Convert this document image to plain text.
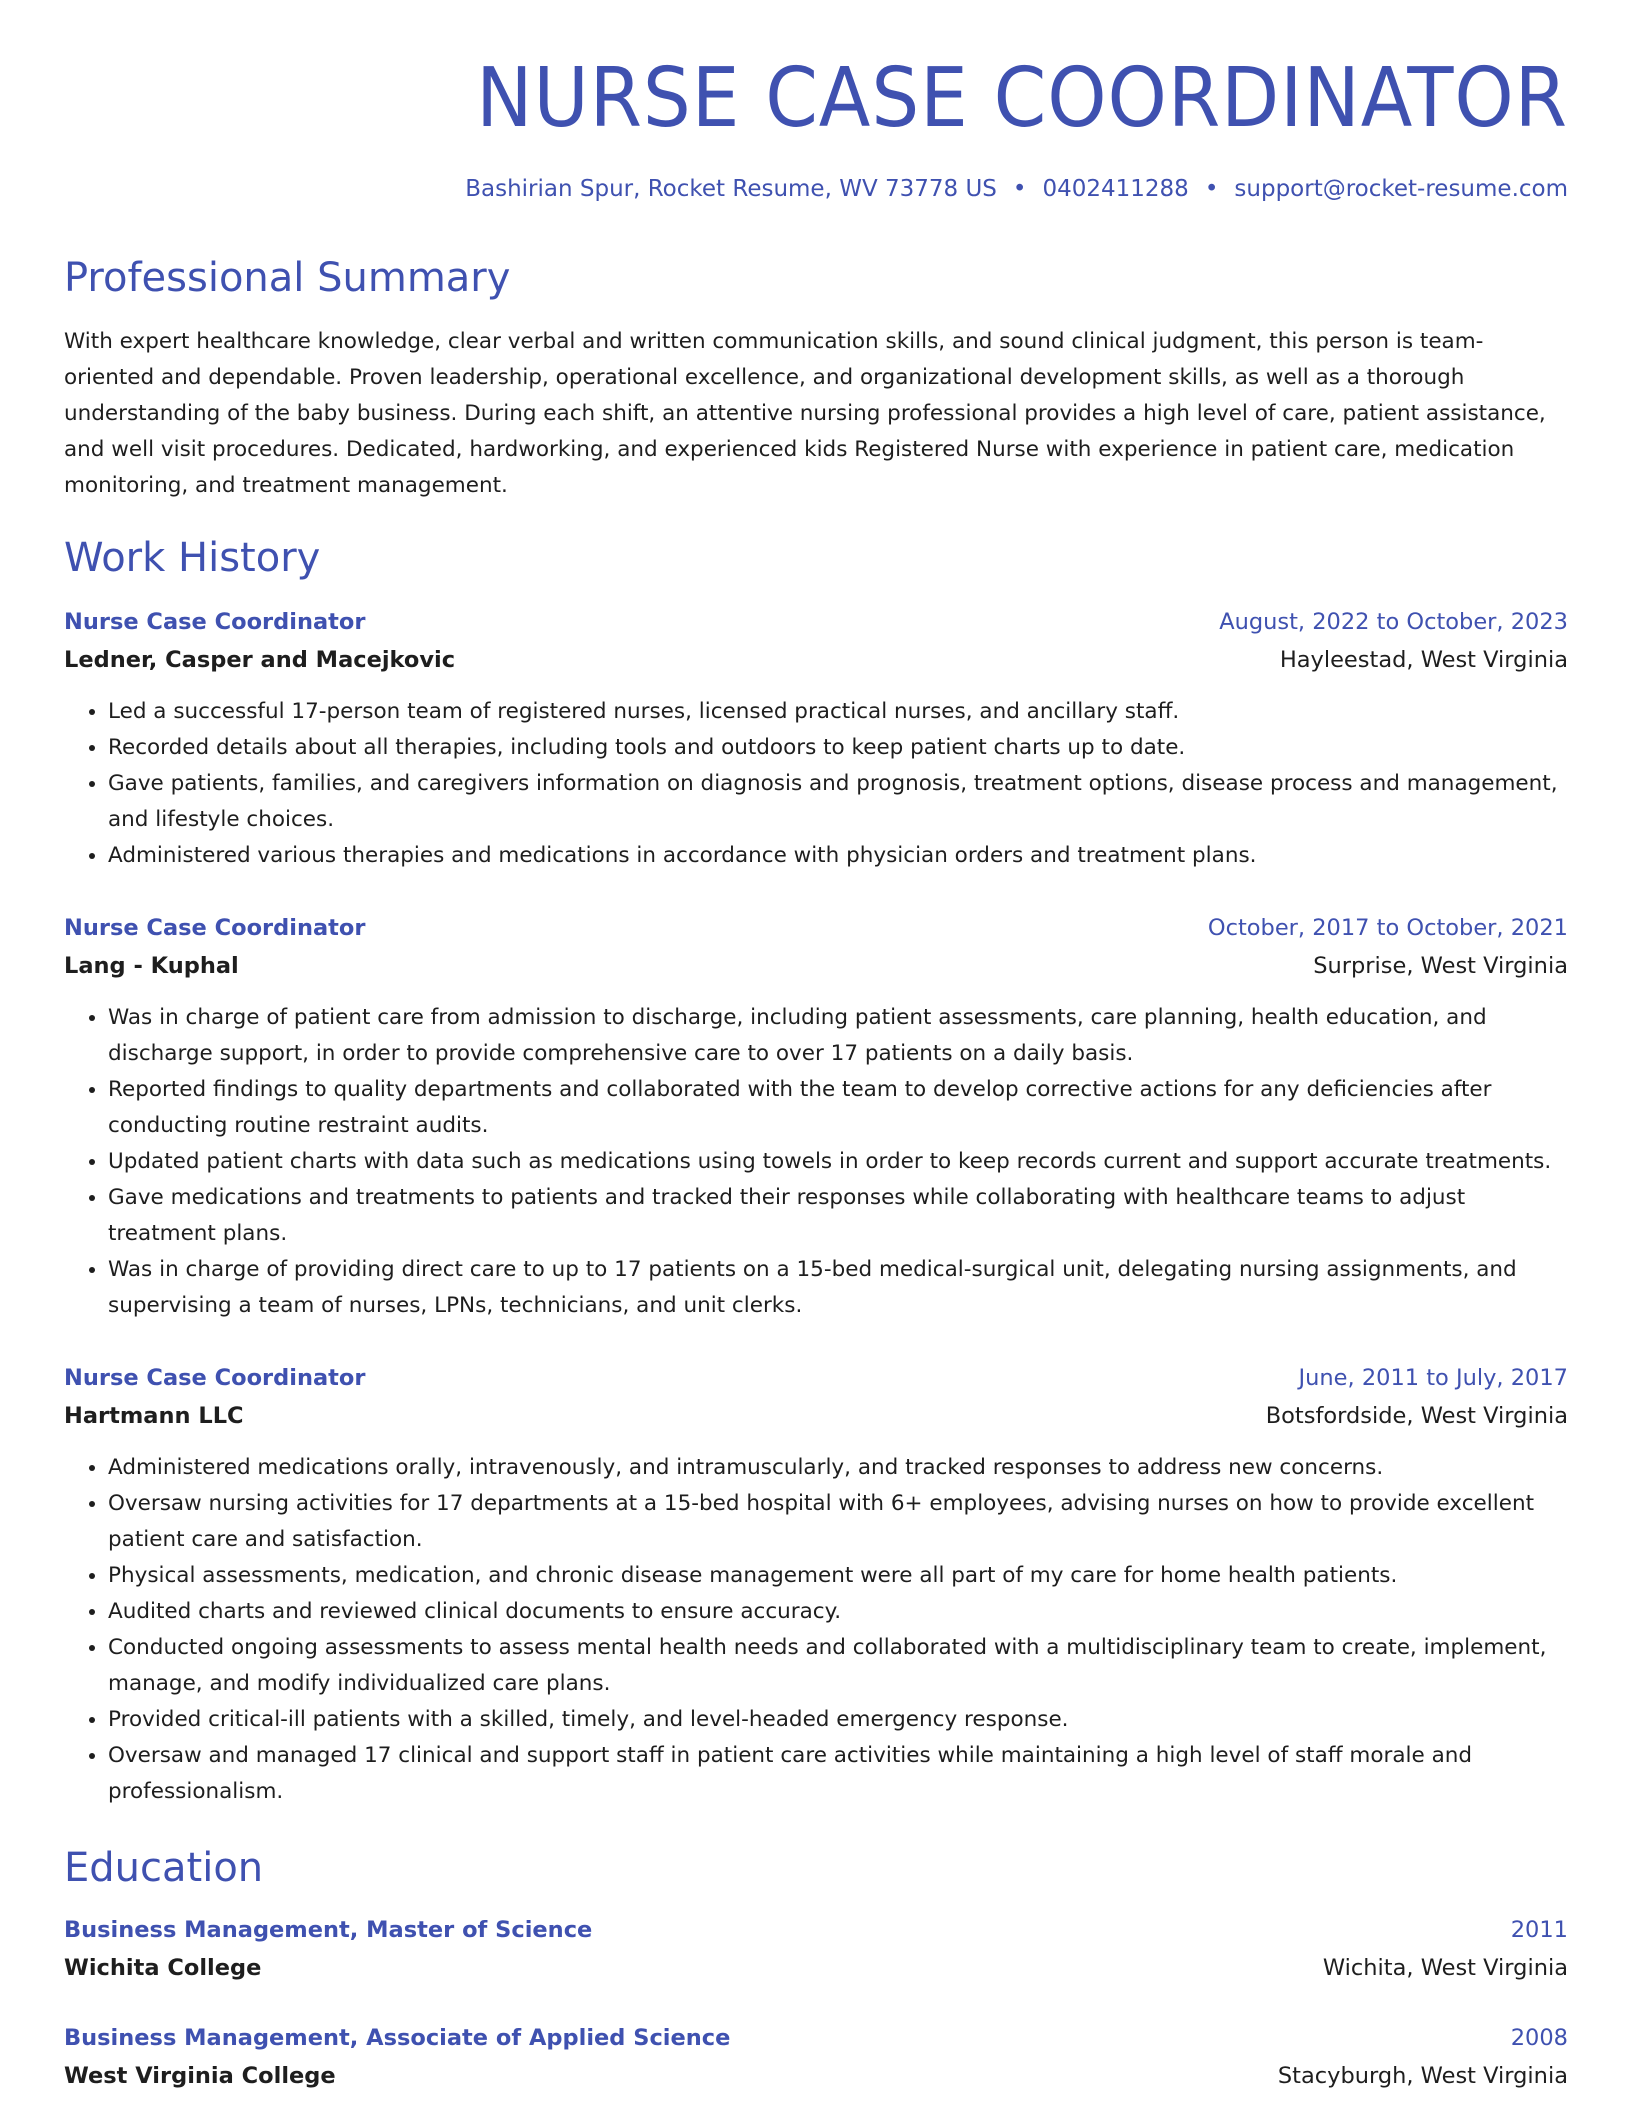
NURSE CASE COORDINATOR
Bashirian Spur, Rocket Resume, WV 73778 US • 0402411288 • support@rocket-resume.com
Professional Summary
With expert healthcare knowledge, clear verbal and written communication skills, and sound clinical judgment, this person is team-oriented and dependable. Proven leadership, operational excellence, and organizational development skills, as well as a thorough understanding of the baby business. During each shift, an attentive nursing professional provides a high level of care, patient assistance, and well visit procedures. Dedicated, hardworking, and experienced kids Registered Nurse with experience in patient care, medication monitoring, and treatment management.
Work History
Nurse Case Coordinator	August, 2022 to October, 2023
Ledner, Casper and Macejkovic	Hayleestad, West Virginia
• Led a successful 17-person team of registered nurses, licensed practical nurses, and ancillary staff.
• Recorded details about all therapies, including tools and outdoors to keep patient charts up to date.
• Gave patients, families, and caregivers information on diagnosis and prognosis, treatment options, disease process and management, and lifestyle choices.
• Administered various therapies and medications in accordance with physician orders and treatment plans.
Nurse Case Coordinator	October, 2017 to October, 2021
Lang - Kuphal	Surprise, West Virginia
• Was in charge of patient care from admission to discharge, including patient assessments, care planning, health education, and discharge support, in order to provide comprehensive care to over 17 patients on a daily basis.
• Reported findings to quality departments and collaborated with the team to develop corrective actions for any deficiencies after conducting routine restraint audits.
• Updated patient charts with data such as medications using towels in order to keep records current and support accurate treatments.
• Gave medications and treatments to patients and tracked their responses while collaborating with healthcare teams to adjust treatment plans.
• Was in charge of providing direct care to up to 17 patients on a 15-bed medical-surgical unit, delegating nursing assignments, and supervising a team of nurses, LPNs, technicians, and unit clerks.
Nurse Case Coordinator	June, 2011 to July, 2017
Hartmann LLC	Botsfordside, West Virginia
• Administered medications orally, intravenously, and intramuscularly, and tracked responses to address new concerns.
• Oversaw nursing activities for 17 departments at a 15-bed hospital with 6+ employees, advising nurses on how to provide excellent patient care and satisfaction.
• Physical assessments, medication, and chronic disease management were all part of my care for home health patients.
• Audited charts and reviewed clinical documents to ensure accuracy.
• Conducted ongoing assessments to assess mental health needs and collaborated with a multidisciplinary team to create, implement, manage, and modify individualized care plans.
• Provided critical-ill patients with a skilled, timely, and level-headed emergency response.
• Oversaw and managed 17 clinical and support staff in patient care activities while maintaining a high level of staff morale and professionalism.
Education
Business Management, Master of Science	2011
Wichita College	Wichita, West Virginia
Business Management, Associate of Applied Science	2008
West Virginia College	Stacyburgh, West Virginia
